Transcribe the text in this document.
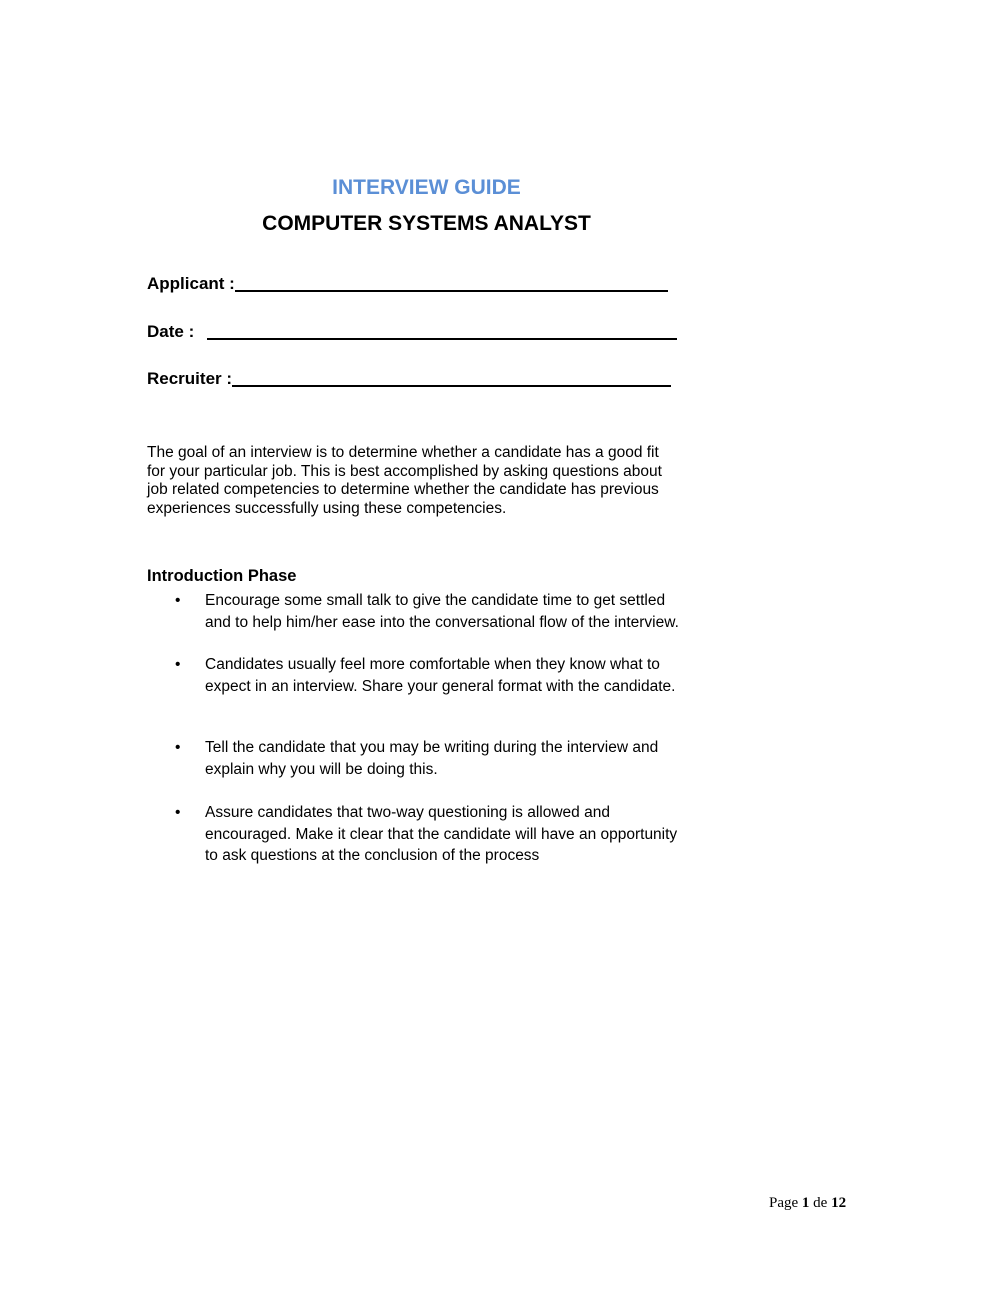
INTERVIEW GUIDE
COMPUTER SYSTEMS ANALYST
Applicant :
Date :
Recruiter :
The goal of an interview is to determine whether a candidate has a good fit
for your particular job. This is best accomplished by asking questions about
job related competencies to determine whether the candidate has previous
experiences successfully using these competencies.
Introduction Phase
• Encourage some small talk to give the candidate time to get settled
and to help him/her ease into the conversational flow of the interview.
• Candidates usually feel more comfortable when they know what to
expect in an interview. Share your general format with the candidate.
• Tell the candidate that you may be writing during the interview and
explain why you will be doing this.
• Assure candidates that two-way questioning is allowed and
encouraged. Make it clear that the candidate will have an opportunity
to ask questions at the conclusion of the process
Page 1 de 12
